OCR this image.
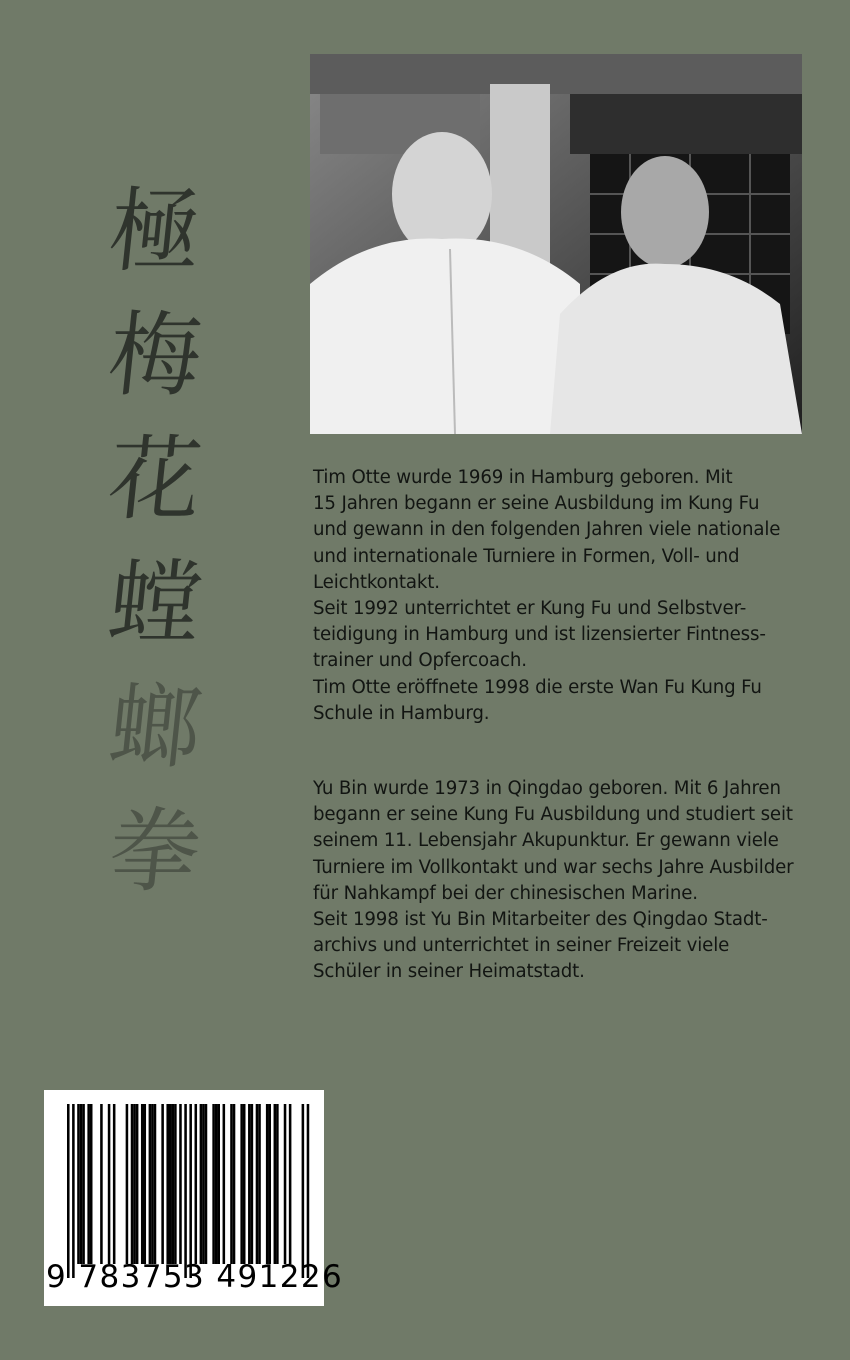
極
梅
花
螳
螂
拳

Tim Otte wurde 1969 in Hamburg geboren. Mit

15 Jahren begann er seine Ausbildung im Kung Fu

und gewann in den folgenden Jahren viele nationale

und internationale Turniere in Formen, Voll- und

Leichtkontakt.

Seit 1992 unterrichtet er Kung Fu und Selbstver-

teidigung in Hamburg und ist lizensierter Fintness-

trainer und Opfercoach.

Tim Otte eröffnete 1998 die erste Wan Fu Kung Fu

Schule in Hamburg.

Yu Bin wurde 1973 in Qingdao geboren. Mit 6 Jahren

begann er seine Kung Fu Ausbildung und studiert seit

seinem 11. Lebensjahr Akupunktur. Er gewann viele

Turniere im Vollkontakt und war sechs Jahre Ausbilder

für Nahkampf bei der chinesischen Marine.

Seit 1998 ist Yu Bin Mitarbeiter des Qingdao Stadt-

archivs und unterrichtet in seiner Freizeit viele

Schüler in seiner Heimatstadt.

9 783753 491226
